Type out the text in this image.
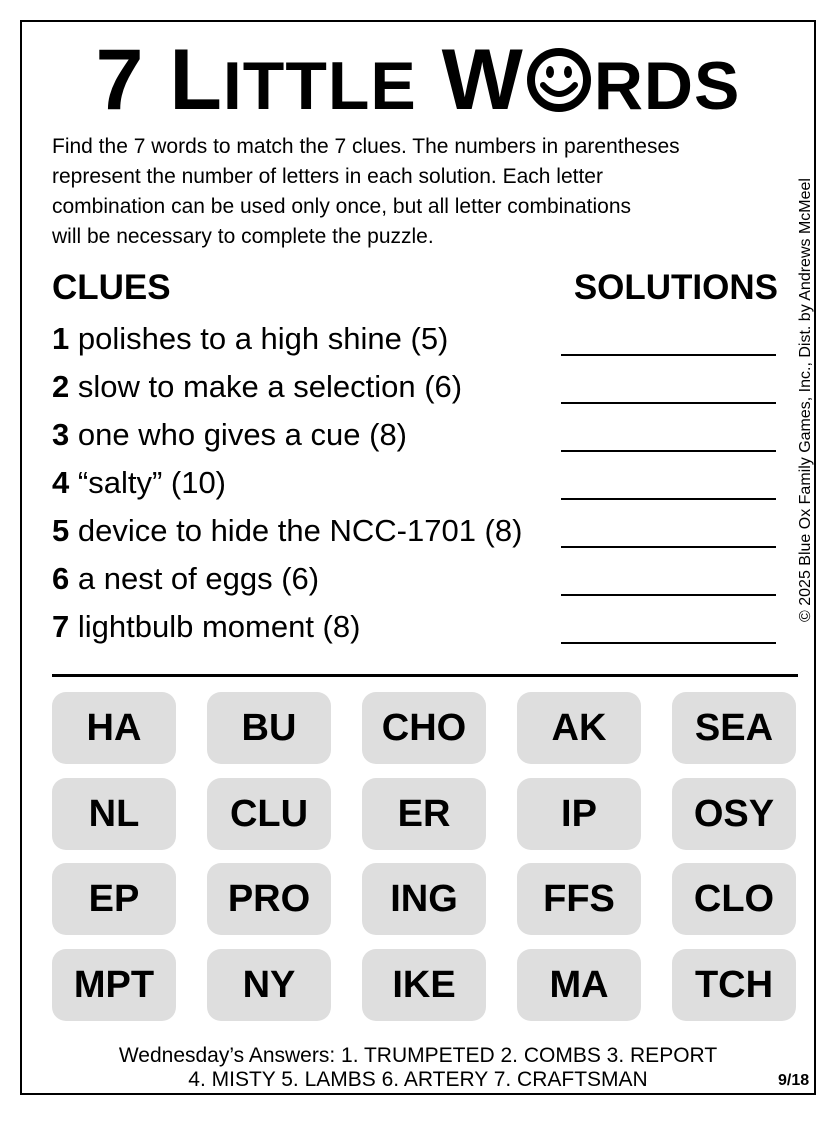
7 LITTLE W RDS
Find the 7 words to match the 7 clues. The numbers in parentheses
represent the number of letters in each solution. Each letter
combination can be used only once, but all letter combinations
will be necessary to complete the puzzle.
CLUES	SOLUTIONS
1 polishes to a high shine (5)
2 slow to make a selection (6)
3 one who gives a cue (8)
4 “salty” (10)
5 device to hide the NCC-1701 (8)
6 a nest of eggs (6)
7 lightbulb moment (8)
HA	BU	CHO	AK	SEA
NL	CLU	ER	IP	OSY
EP	PRO	ING	FFS	CLO
MPT	NY	IKE	MA	TCH
© 2025 Blue Ox Family Games, Inc., Dist. by Andrews McMeel
Wednesday’s Answers: 1. TRUMPETED 2. COMBS 3. REPORT
4. MISTY 5. LAMBS 6. ARTERY 7. CRAFTSMAN	9/18
